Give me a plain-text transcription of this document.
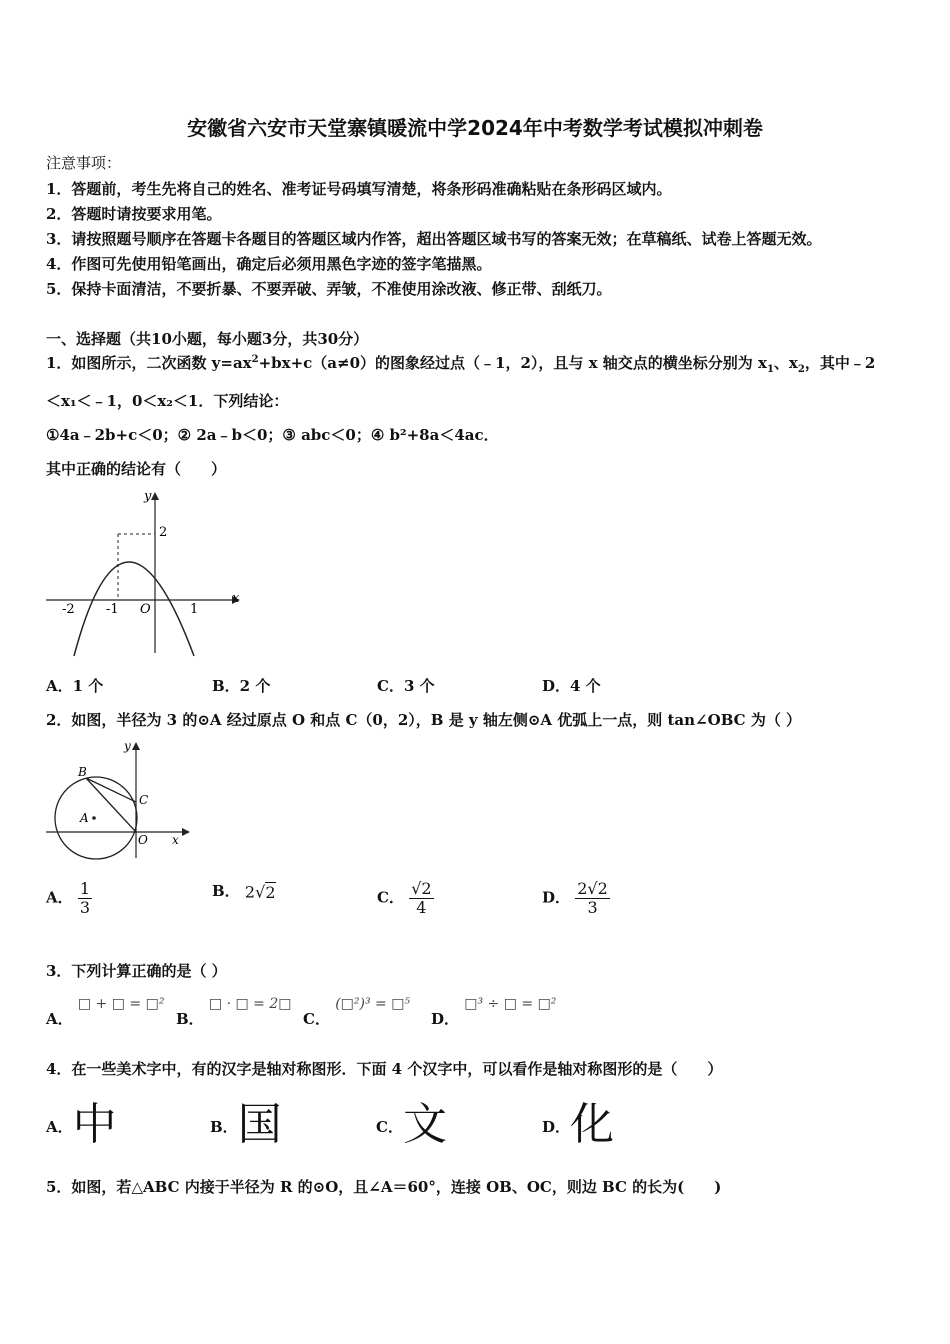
安徽省六安市天堂寨镇暖流中学2024年中考数学考试模拟冲刺卷
注意事项：
1．答题前，考生先将自己的姓名、准考证号码填写清楚，将条形码准确粘贴在条形码区域内。
2．答题时请按要求用笔。
3．请按照题号顺序在答题卡各题目的答题区域内作答，超出答题区域书写的答案无效；在草稿纸、试卷上答题无效。
4．作图可先使用铅笔画出，确定后必须用黑色字迹的签字笔描黑。
5．保持卡面清洁，不要折暴、不要弄破、弄皱，不准使用涂改液、修正带、刮纸刀。
一、选择题（共10小题，每小题3分，共30分）
1．如图所示，二次函数 $y=ax^2+bx+c(a\ne 0)$的图象经过点（﹣1，2），且与 x 轴交点的横坐标分别为 $x_1$、$x_2$，其中﹣2
＜x₁＜﹣1，0＜x₂＜1．下列结论：
①4a﹣2b+c＜0；② 2a﹣b＜0；③ abc＜0；④ b²+8a＜4ac．
其中正确的结论有（　　）
y
x
O
2
-2 -1	1
A．1 个	B．2 个	C．3 个	D．4 个
2．如图，半径为 3 的⊙A 经过原点 O 和点 C（0，2），B 是 y 轴左侧⊙A 优弧上一点，则 tan∠OBC 为（ ）
y
x
B
C
A
O
A． $\frac{1}{3}$	B． 2√2	C． $\frac{√2}{4}$	D． $\frac{2√2}{3}$
3．下列计算正确的是（ ）
A． □ + □ = □²
B． □ · □ = 2□
C． (□²)³ = □⁵
D． □³ ÷ □ = □²
4．在一些美术字中，有的汉字是轴对称图形．下面 4 个汉字中，可以看作是轴对称图形的是（　　）
A．中	B．国	C．文	D．化
5．如图，若△ABC 内接于半径为 R 的⊙O，且∠A＝60°，连接 OB、OC，则边 BC 的长为(　　)
